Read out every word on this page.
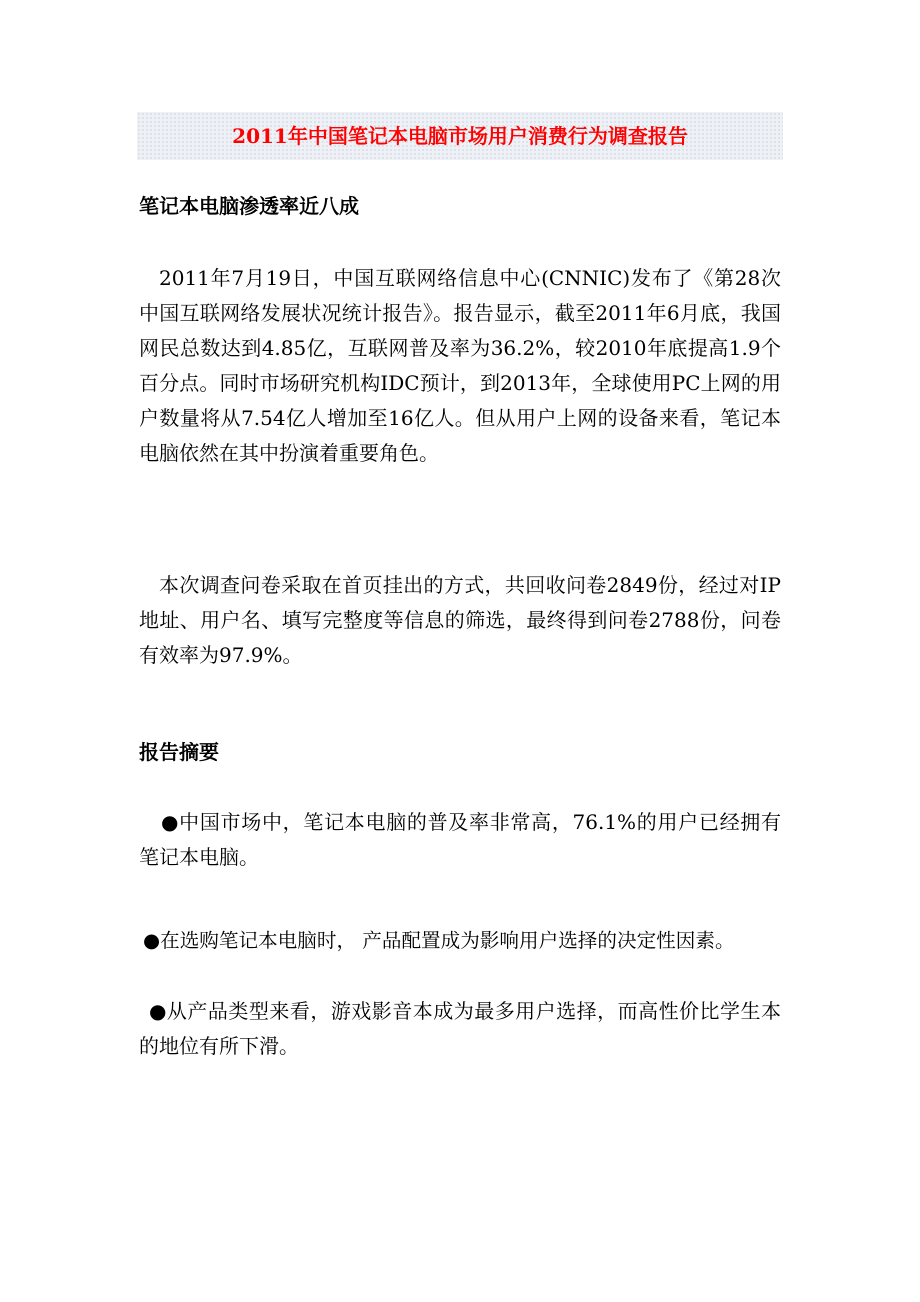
2011年中国笔记本电脑市场用户消费行为调查报告
笔记本电脑渗透率近八成

2011年7月19日，中国互联网络信息中心(CNNIC)发布了《第28次中国互联网络发展状况统计报告》。报告显示，截至2011年6月底，我国网民总数达到4.85亿，互联网普及率为36.2%，较2010年底提高1.9个百分点。同时市场研究机构IDC预计，到2013年，全球使用PC上网的用户数量将从7.54亿人增加至16亿人。但从用户上网的设备来看，笔记本电脑依然在其中扮演着重要角色。

本次调查问卷采取在首页挂出的方式，共回收问卷2849份，经过对IP地址、用户名、填写完整度等信息的筛选，最终得到问卷2788份，问卷有效率为97.9%。

报告摘要

●中国市场中，笔记本电脑的普及率非常高，76.1%的用户已经拥有笔记本电脑。

●在选购笔记本电脑时， 产品配置成为影响用户选择的决定性因素。

●从产品类型来看，游戏影音本成为最多用户选择，而高性价比学生本的地位有所下滑。
